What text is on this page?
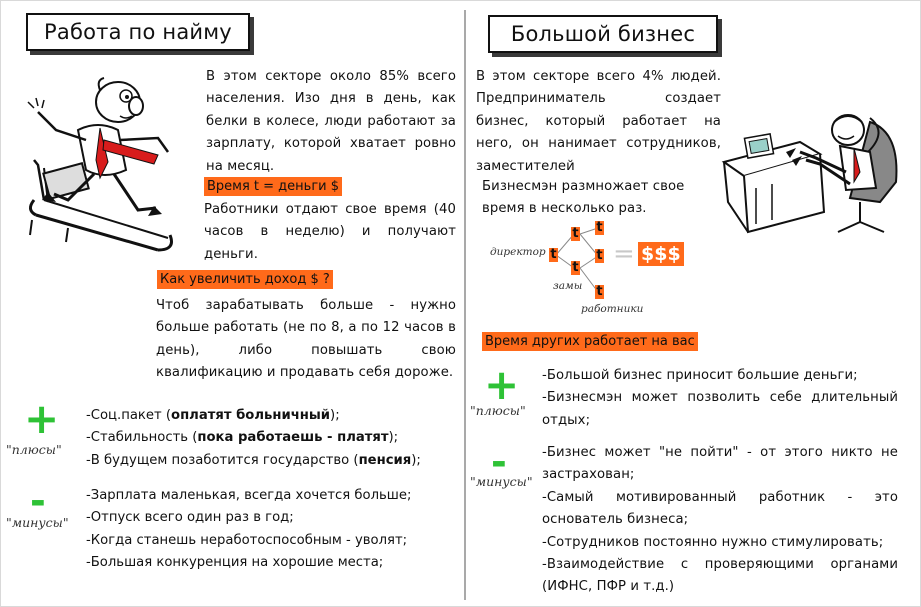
Работа по найму
В этом секторе около 85% всего населения. Изо дня в день, как белки в колесе, люди работают за зарплату, которой хватает ровно на месяц.
Время t = деньги $
Работники отдают свое время (40 часов в неделю) и получают деньги.
Как увеличить доход $ ?
Чтоб зарабатывать больше - нужно больше работать (не по 8, а по 12 часов в день), либо повышать свою квалификацию и продавать себя дороже.
+
"плюсы"
-Соц.пакет (оплатят больничный);
-Стабильность (пока работаешь - платят);
-В будущем позаботится государство (пенсия);
-
"минусы"
-Зарплата маленькая, всегда хочется больше;
-Отпуск всего один раз в год;
-Когда станешь неработоспособным - уволят;
-Большая конкуренция на хорошие места;
Большой бизнес
В этом секторе всего 4% людей. Предприниматель создает бизнес, который работает на него, он нанимает сотрудников, заместителей
Бизнесмэн размножает свое время в несколько раз.
директор t
t
t
t
t
t
замы
работники
= $$$
Время других работает на вас
+
"плюсы"
-Большой бизнес приносит большие деньги;
-Бизнесмэн может позволить себе длительный отдых;
-
"минусы"
-Бизнес может "не пойти" - от этого никто не застрахован;
-Самый мотивированный работник - это основатель бизнеса;
-Сотрудников постоянно нужно стимулировать;
-Взаимодействие с проверяющими органами (ИФНС, ПФР и т.д.)
